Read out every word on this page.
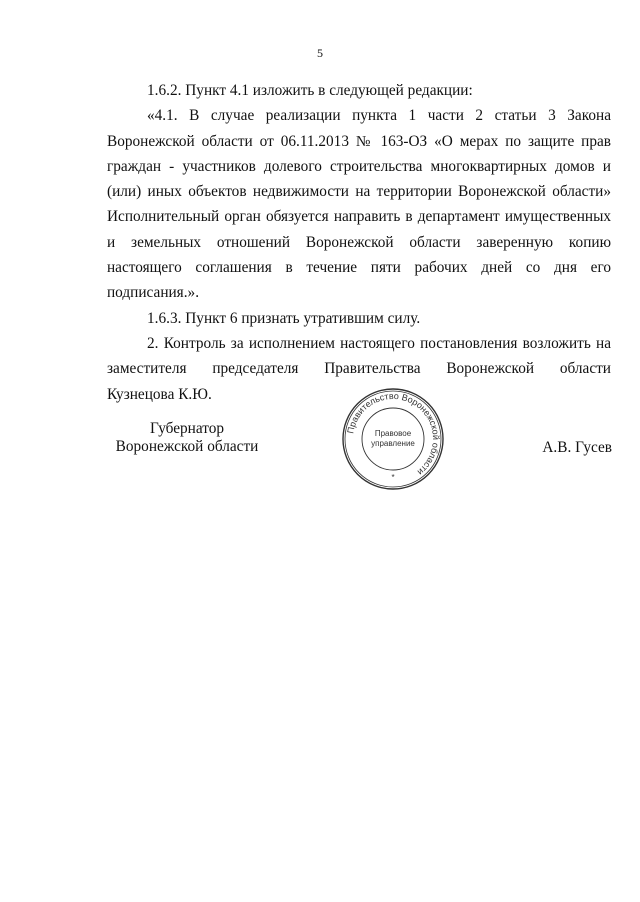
5

1.6.2. Пункт 4.1 изложить в следующей редакции:

«4.1. В случае реализации пункта 1 части 2 статьи 3 Закона Воронежской области от 06.11.2013 № 163-ОЗ «О мерах по защите прав граждан - участников долевого строительства многоквартирных домов и (или) иных объектов недвижимости на территории Воронежской области» Исполнительный орган обязуется направить в департамент имущественных и земельных отношений Воронежской области заверенную копию настоящего соглашения в течение пяти рабочих дней со дня его подписания.».

1.6.3. Пункт 6 признать утратившим силу.

2. Контроль за исполнением настоящего постановления возложить на заместителя председателя Правительства Воронежской области

Кузнецова К.Ю.

Губернатор
Воронежской области	А.В. Гусев
Правительство Воронежской области
Правовое
управление
*
